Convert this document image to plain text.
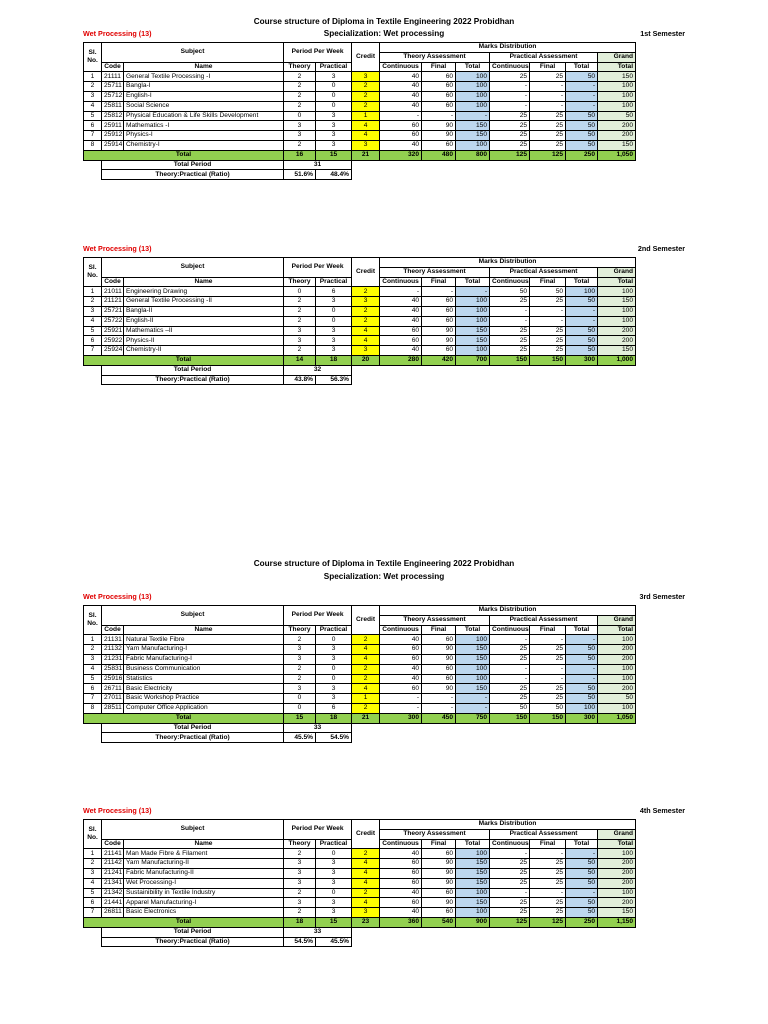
Course structure of Diploma in Textile Engineering 2022 Probidhan
Specialization: Wet processing
Wet Processing (13)	1st Semester
Sl.
No.	Subject		Period Per Week		Credit	Marks Distribution						
						Theory Assessment			Practical Assessment			Grand
	Code	Name	Theory	Practical		Continuous	Final	Total	Continuous	Final	Total	Total
1	21111	General Textile Processing -I	2	3	3	40	60	100	25	25	50	150
2	25711	Bangla-I	2	0	2	40	60	100	-	-	-	100
3	25712	English-I	2	0	2	40	60	100	-	-	-	100
4	25811	Social Science	2	0	2	40	60	100	-	-	-	100
5	25812	Physical Education & Life Skills Development	0	3	1	-	-	-	25	25	50	50
6	25911	Mathematics -I	3	3	4	60	90	150	25	25	50	200
7	25912	Physics-I	3	3	4	60	90	150	25	25	50	200
8	25914	Chemistry-I	2	3	3	40	60	100	25	25	50	150
Total			16	15	21	320	480	800	125	125	250	1,050
	Total Period		31									
	Theory:Practical (Ratio)		51.6%	48.4%								
Wet Processing (13)	2nd Semester
Sl.
No.	Subject		Period Per Week		Credit	Marks Distribution						
						Theory Assessment			Practical Assessment			Grand
	Code	Name	Theory	Practical		Continuous	Final	Total	Continuous	Final	Total	Total
1	21011	Engineering Drawing	0	6	2	-	-	-	50	50	100	100
2	21121	General Textile Processing -II	2	3	3	40	60	100	25	25	50	150
3	25721	Bangla-II	2	0	2	40	60	100	-	-	-	100
4	25722	English-II	2	0	2	40	60	100	-	-	-	100
5	25921	Mathematics –II	3	3	4	60	90	150	25	25	50	200
6	25922	Physics-II	3	3	4	60	90	150	25	25	50	200
7	25924	Chemistry-II	2	3	3	40	60	100	25	25	50	150
Total			14	18	20	280	420	700	150	150	300	1,000
	Total Period		32									
	Theory:Practical (Ratio)		43.8%	56.3%								
Wet Processing (13)	3rd Semester
Sl.
No.	Subject		Period Per Week		Credit	Marks Distribution						
						Theory Assessment			Practical Assessment			Grand
	Code	Name	Theory	Practical		Continuous	Final	Total	Continuous	Final	Total	Total
1	21131	Natural Textile Fibre	2	0	2	40	60	100	-	-	-	100
2	21132	Yarn Manufacturing-I	3	3	4	60	90	150	25	25	50	200
3	21231	Fabric Manufacturing-I	3	3	4	60	90	150	25	25	50	200
4	25831	Business Communication	2	0	2	40	60	100	-	-	-	100
5	25916	Statistics	2	0	2	40	60	100	-	-	-	100
6	26711	Basic Electricity	3	3	4	60	90	150	25	25	50	200
7	27011	Basic Workshop Practice	0	3	1	-	-	-	25	25	50	50
8	28511	Computer Office Application	0	6	2	-	-	-	50	50	100	100
Total			15	18	21	300	450	750	150	150	300	1,050
	Total Period		33									
	Theory:Practical (Ratio)		45.5%	54.5%								
Wet Processing (13)	4th Semester
Sl.
No.	Subject		Period Per Week		Credit	Marks Distribution						
						Theory Assessment			Practical Assessment			Grand
	Code	Name	Theory	Practical		Continuous	Final	Total	Continuous	Final	Total	Total
1	21141	Man Made Fibre & Filament	2	0	2	40	60	100	-	-	-	100
2	21142	Yarn Manufacturing-II	3	3	4	60	90	150	25	25	50	200
3	21241	Fabric Manufacturing-II	3	3	4	60	90	150	25	25	50	200
4	21341	Wet Processing-I	3	3	4	60	90	150	25	25	50	200
5	21342	Sustainibility in Textile Industry	2	0	2	40	60	100	-	-	-	100
6	21441	Apparel Manufacturing-I	3	3	4	60	90	150	25	25	50	200
7	26811	Basic Electronics	2	3	3	40	60	100	25	25	50	150
Total			18	15	23	360	540	900	125	125	250	1,150
	Total Period		33									
	Theory:Practical (Ratio)		54.5%	45.5%								
Course structure of Diploma in Textile Engineering 2022 Probidhan
Specialization: Wet processing
